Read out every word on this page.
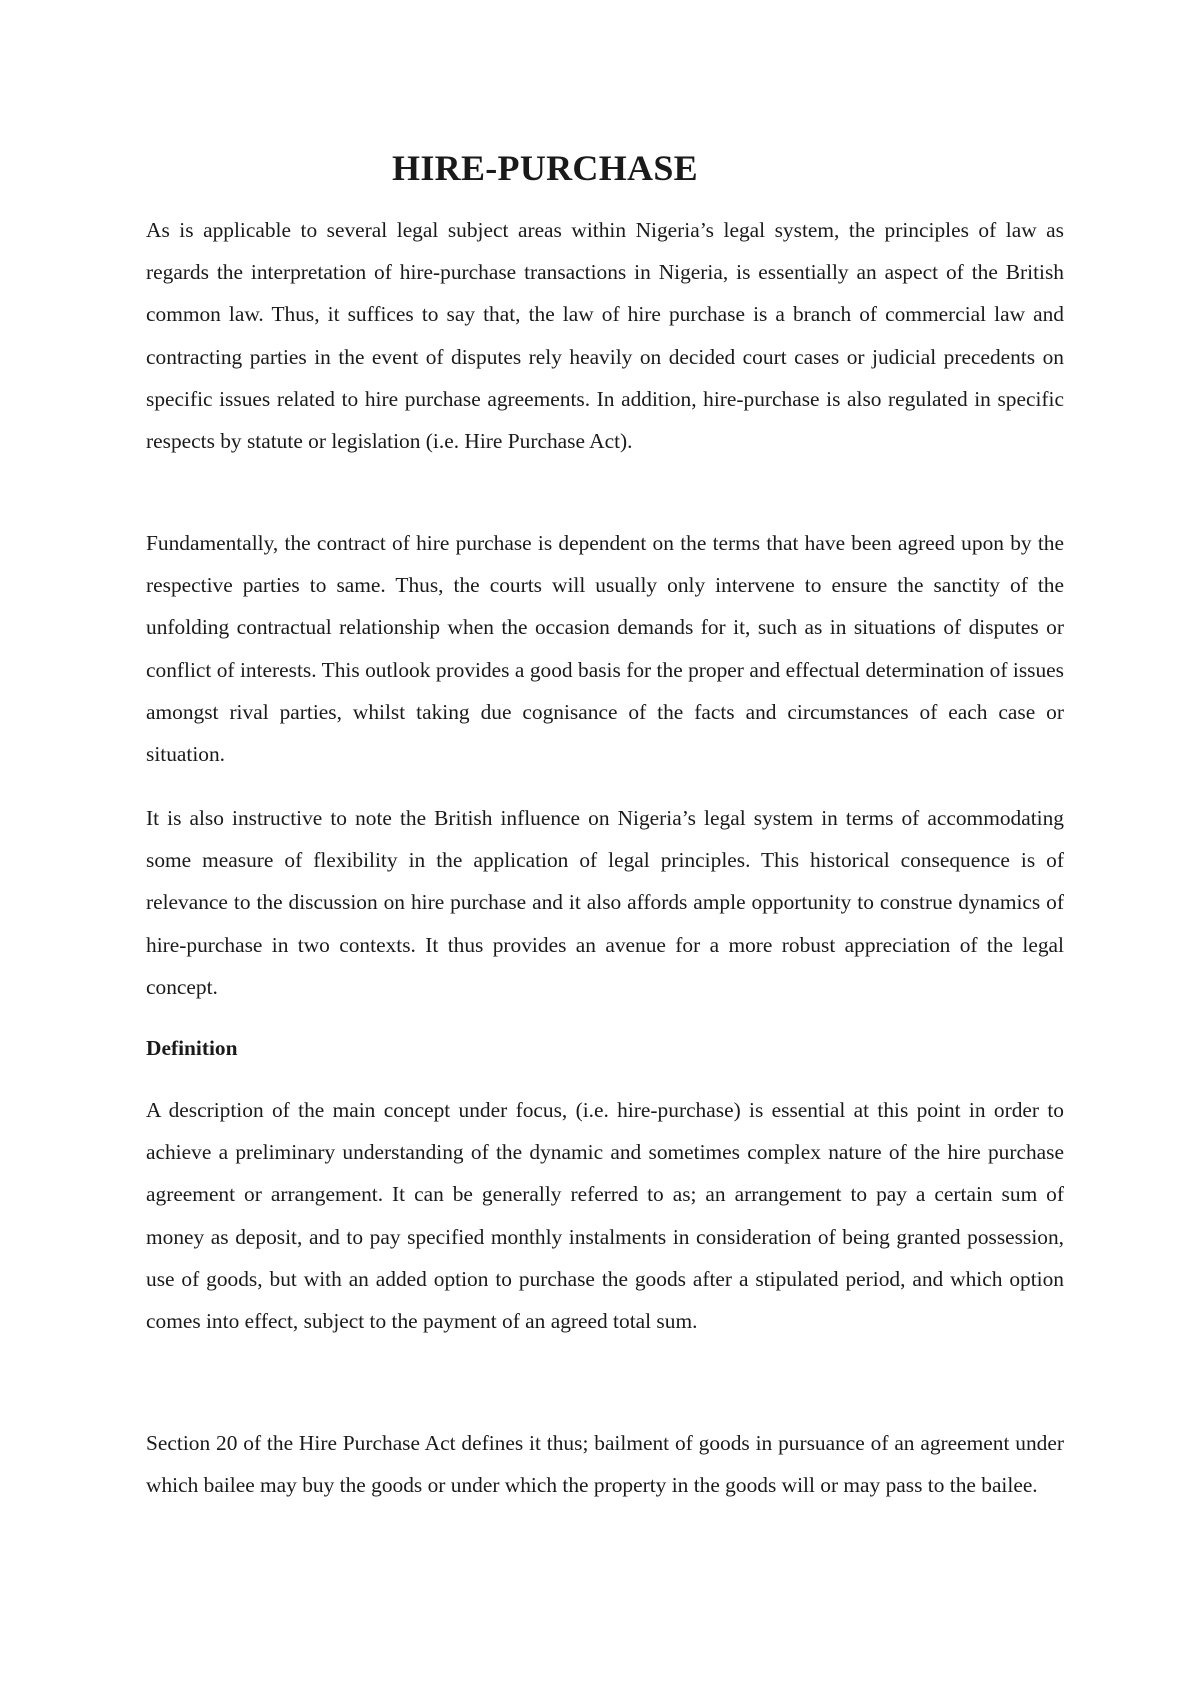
HIRE-PURCHASE

As is applicable to several legal subject areas within Nigeria’s legal system, the principles of law as regards the interpretation of hire-purchase transactions in Nigeria, is essentially an aspect of the British common law. Thus, it suffices to say that, the law of hire purchase is a branch of commercial law and contracting parties in the event of disputes rely heavily on decided court cases or judicial precedents on specific issues related to hire purchase agreements. In addition, hire-purchase is also regulated in specific respects by statute or legislation (i.e. Hire Purchase Act).

Fundamentally, the contract of hire purchase is dependent on the terms that have been agreed upon by the respective parties to same. Thus, the courts will usually only intervene to ensure the sanctity of the unfolding contractual relationship when the occasion demands for it, such as in situations of disputes or conflict of interests. This outlook provides a good basis for the proper and effectual determination of issues amongst rival parties, whilst taking due cognisance of the facts and circumstances of each case or situation.

It is also instructive to note the British influence on Nigeria’s legal system in terms of accommodating some measure of flexibility in the application of legal principles. This historical consequence is of relevance to the discussion on hire purchase and it also affords ample opportunity to construe dynamics of hire-purchase in two contexts. It thus provides an avenue for a more robust appreciation of the legal concept.

Definition

A description of the main concept under focus, (i.e. hire-purchase) is essential at this point in order to achieve a preliminary understanding of the dynamic and sometimes complex nature of the hire purchase agreement or arrangement. It can be generally referred to as; an arrangement to pay a certain sum of money as deposit, and to pay specified monthly instalments in consideration of being granted possession, use of goods, but with an added option to purchase the goods after a stipulated period, and which option comes into effect, subject to the payment of an agreed total sum.

Section 20 of the Hire Purchase Act defines it thus; bailment of goods in pursuance of an agreement under which bailee may buy the goods or under which the property in the goods will or may pass to the bailee.
